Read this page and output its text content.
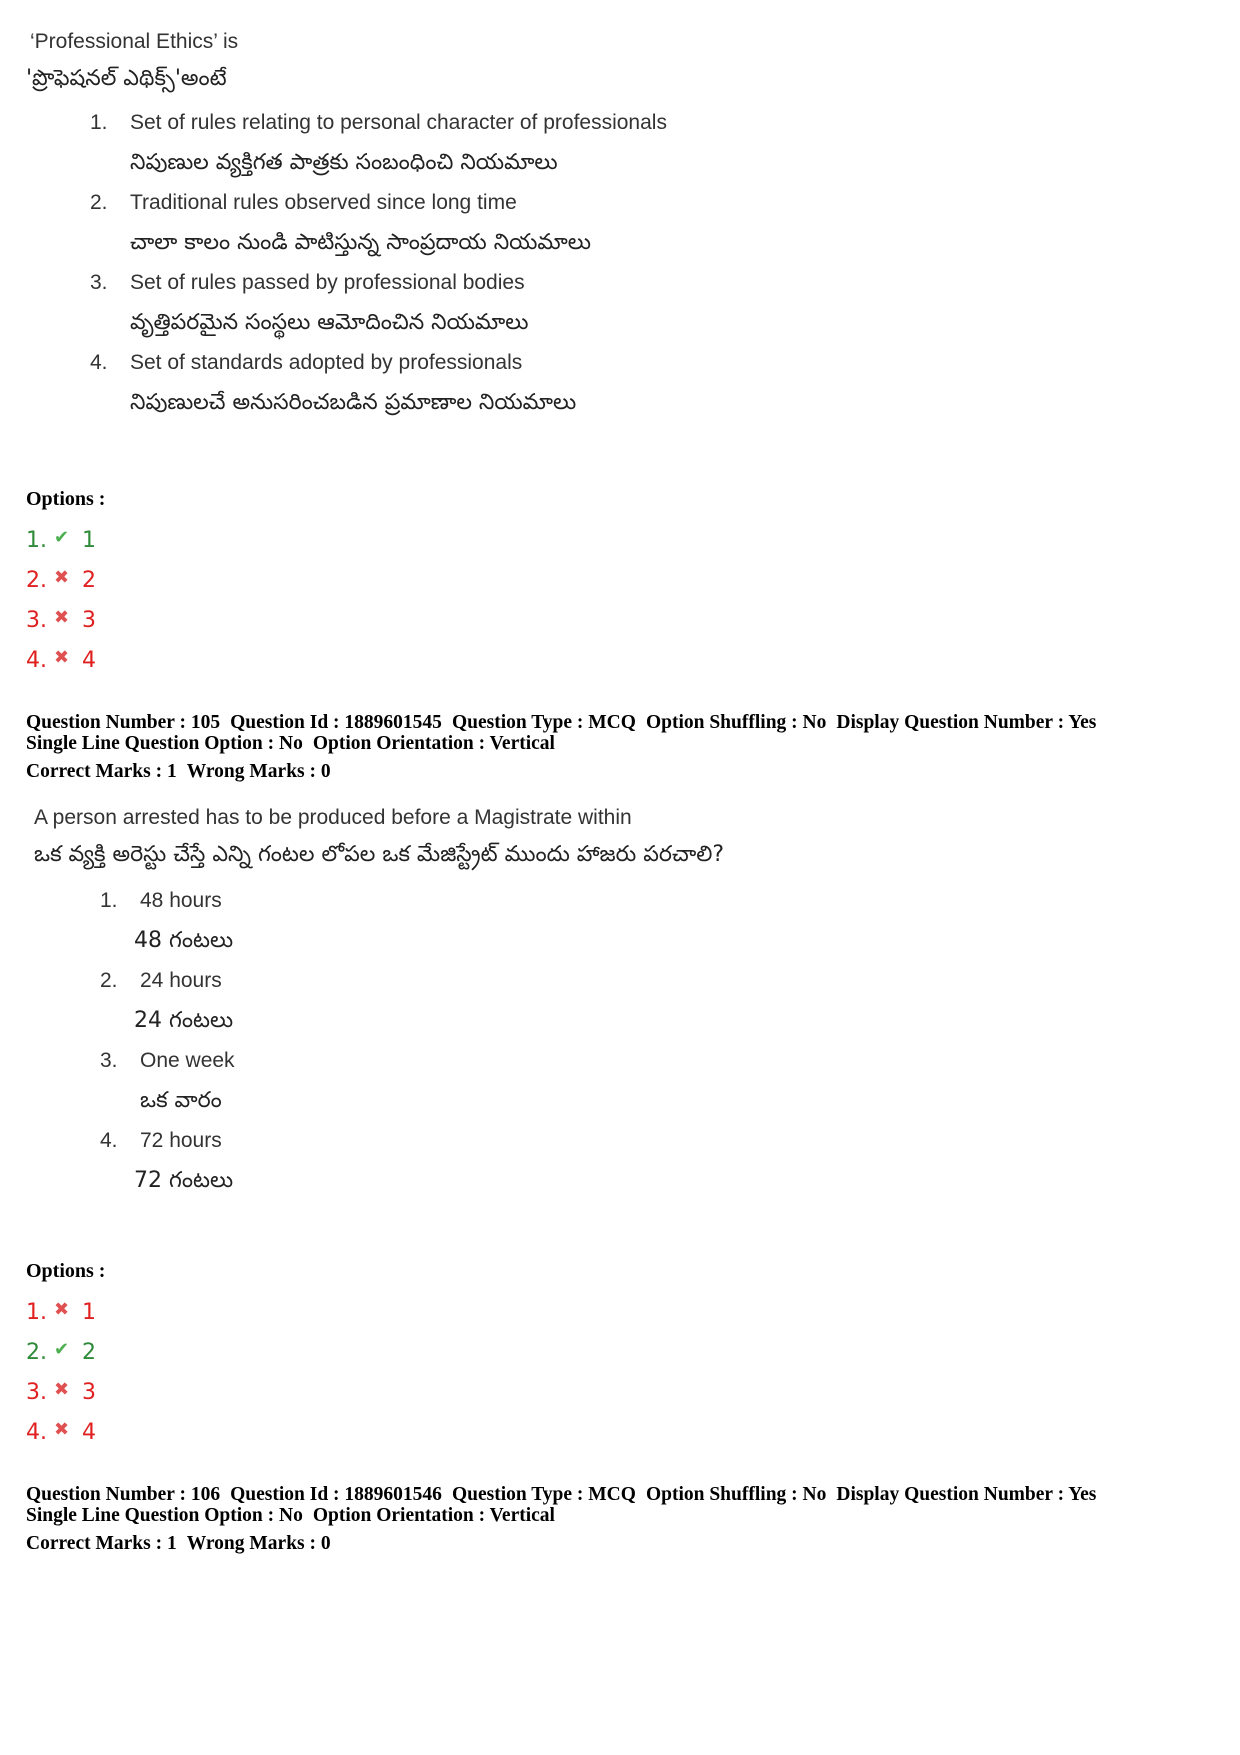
‘Professional Ethics’ is
'ప్రొఫెషనల్ ఎథిక్స్'అంటే
1. Set of rules relating to personal character of professionals
నిపుణుల వ్యక్తిగత పాత్రకు సంబంధించి నియమాలు
2. Traditional rules observed since long time
చాలా కాలం నుండి పాటిస్తున్న సాంప్రదాయ నియమాలు
3. Set of rules passed by professional bodies
వృత్తిపరమైన సంస్థలు ఆమోదించిన నియమాలు
4. Set of standards adopted by professionals
నిపుణులచే అనుసరించబడిన ప్రమాణాల నియమాలు
Options :
1. ✔ 1
2. ✖ 2
3. ✖ 3
4. ✖ 4
Question Number : 105 Question Id : 1889601545 Question Type : MCQ Option Shuffling : No Display Question Number : Yes
Single Line Question Option : No Option Orientation : Vertical
Correct Marks : 1 Wrong Marks : 0
A person arrested has to be produced before a Magistrate within
ఒక వ్యక్తి అరెస్టు చేస్తే ఎన్ని గంటల లోపల ఒక మేజిస్ట్రేట్ ముందు హాజరు పరచాలి?
1. 48 hours
48 గంటలు
2. 24 hours
24 గంటలు
3. One week
ఒక వారం
4. 72 hours
72 గంటలు
Options :
1. ✖ 1
2. ✔ 2
3. ✖ 3
4. ✖ 4
Question Number : 106 Question Id : 1889601546 Question Type : MCQ Option Shuffling : No Display Question Number : Yes
Single Line Question Option : No Option Orientation : Vertical
Correct Marks : 1 Wrong Marks : 0
